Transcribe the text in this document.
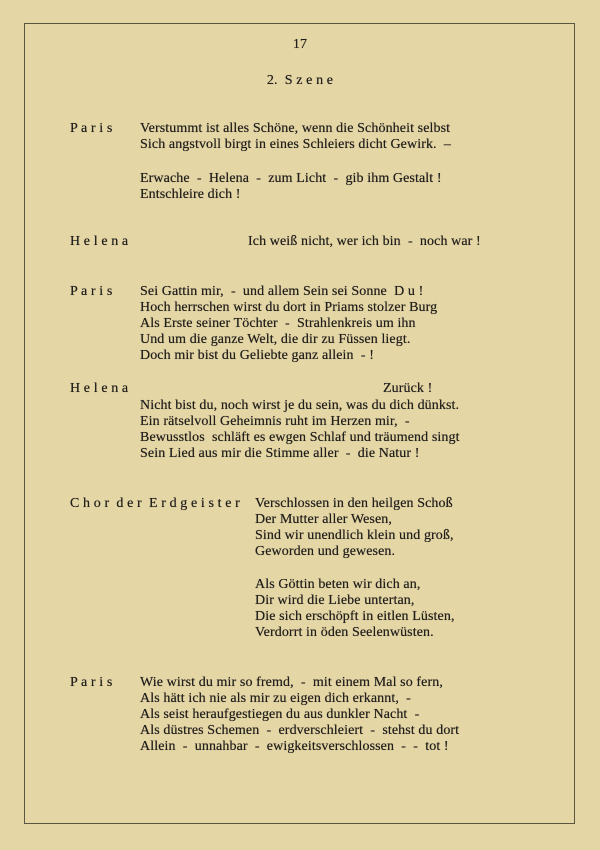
17
2.  S z e n e
P a r i s Verstummt ist alles Schöne, wenn die Schönheit selbst
Sich angstvoll birgt in eines Schleiers dicht Gewirk.  –
Erwache  -  Helena  -  zum Licht  -  gib ihm Gestalt !
Entschleire dich !
H e l e n a	Ich weiß nicht, wer ich bin  -  noch war !
P a r i s Sei Gattin mir,  -  und allem Sein sei Sonne  D u !
Hoch herrschen wirst du dort in Priams stolzer Burg
Als Erste seiner Töchter  -  Strahlenkreis um ihn
Und um die ganze Welt, die dir zu Füssen liegt.
Doch mir bist du Geliebte ganz allein  - !
H e l e n a	Zurück !
Nicht bist du, noch wirst je du sein, was du dich dünkst.
Ein rätselvoll Geheimnis ruht im Herzen mir,  -
Bewusstlos  schläft es ewgen Schlaf und träumend singt
Sein Lied aus mir die Stimme aller  -  die Natur !
C h o r  d e r  E r d g e i s t e r Verschlossen in den heilgen Schoß
Der Mutter aller Wesen,
Sind wir unendlich klein und groß,
Geworden und gewesen.
Als Göttin beten wir dich an,
Dir wird die Liebe untertan,
Die sich erschöpft in eitlen Lüsten,
Verdorrt in öden Seelenwüsten.
P a r i s Wie wirst du mir so fremd,  -  mit einem Mal so fern,
Als hätt ich nie als mir zu eigen dich erkannt,  -
Als seist heraufgestiegen du aus dunkler Nacht  -
Als düstres Schemen  -  erdverschleiert  -  stehst du dort
Allein  -  unnahbar  -  ewigkeitsverschlossen  -  -  tot !
